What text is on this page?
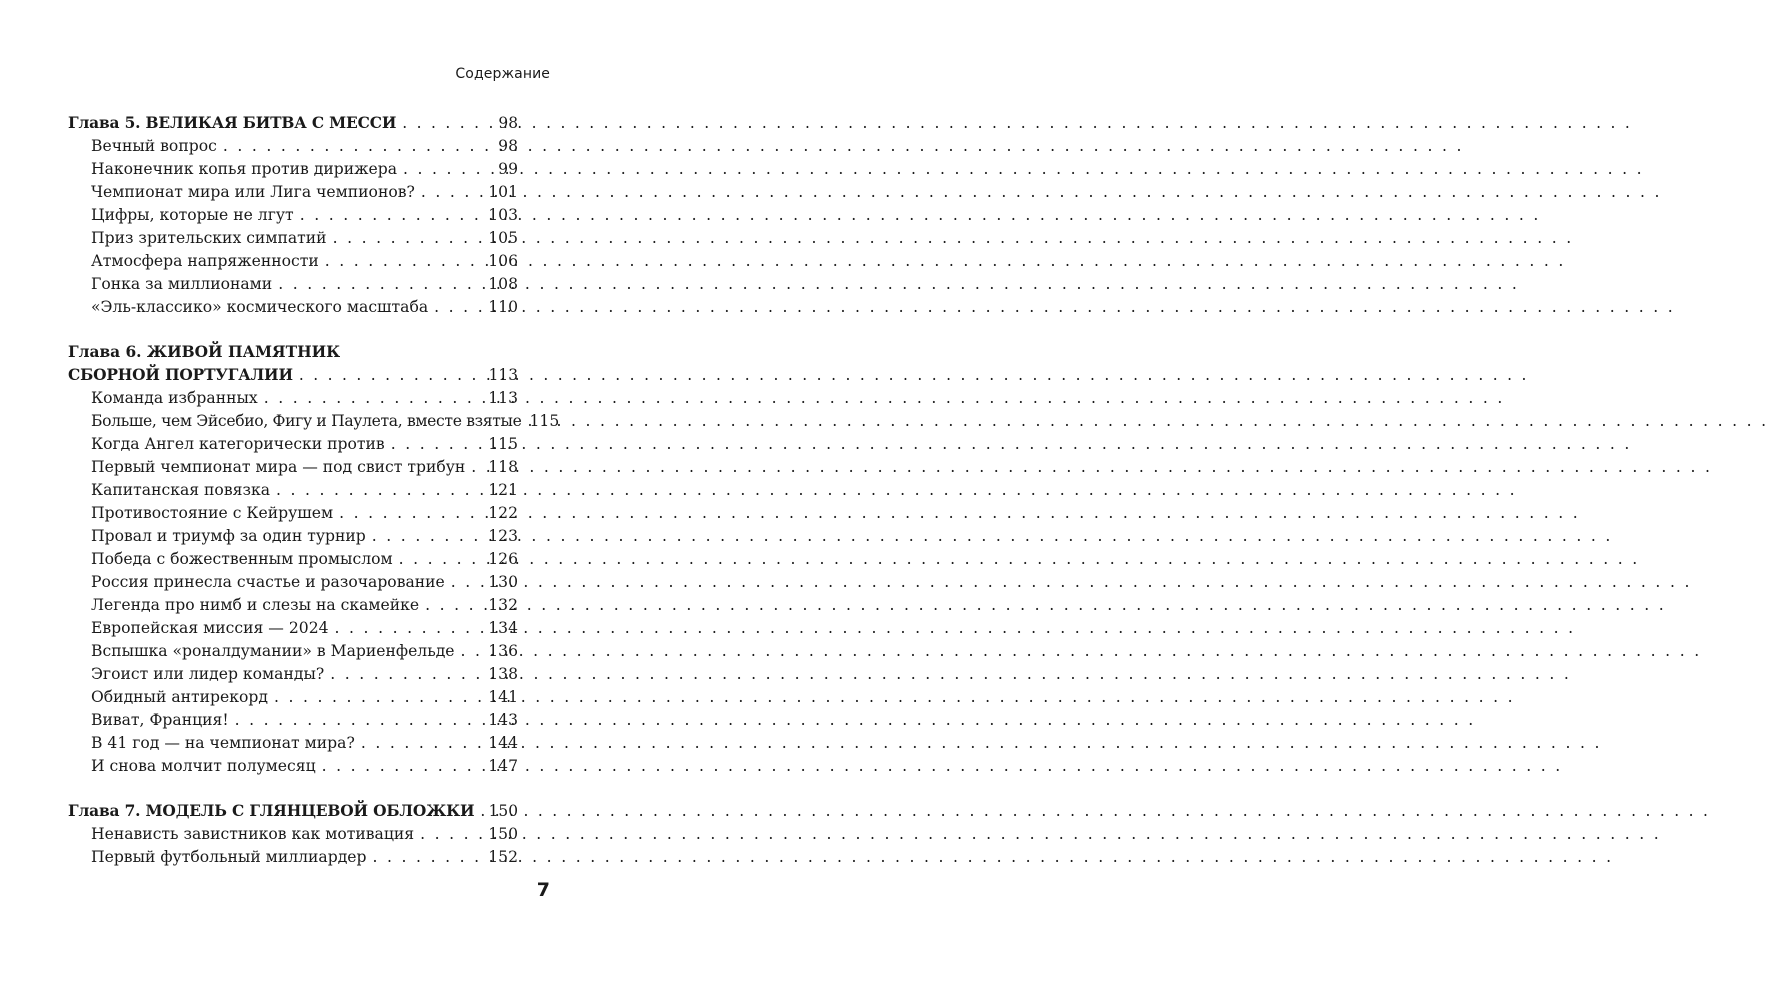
Содержание
Глава 5. ВЕЛИКАЯ БИТВА С МЕССИ . . .	98
Вечный вопрос . . .	98
Наконечник копья против дирижера . . .	99
Чемпионат мира или Лига чемпионов? . . .	101
Цифры, которые не лгут . . .	103
Приз зрительских симпатий . . .	105
Атмосфера напряженности . . .	106
Гонка за миллионами . . .	108
«Эль-классико» космического масштаба . . .	110
Глава 6. ЖИВОЙ ПАМЯТНИК
СБОРНОЙ ПОРТУГАЛИИ . . .	113
Команда избранных . . .	113
Больше, чем Эйсебио, Фигу и Паулета, вместе взятые 115
Когда Ангел категорически против . . .	115
Первый чемпионат мира — под свист трибун . . . 118
Капитанская повязка . . .	121
Противостояние с Кейрушем . . .	122
Провал и триумф за один турнир . . .	123
Победа с божественным промыслом . . .	126
Россия принесла счастье и разочарование . . .	130
Легенда про нимб и слезы на скамейке . . .	132
Европейская миссия — 2024 . . .	134
Вспышка «роналдумании» в Мариенфельде . . . 136
Эгоист или лидер команды? . . .	138
Обидный антирекорд . . .	141
Виват, Франция! . . .	143
В 41 год — на чемпионат мира? . . .	144
И снова молчит полумесяц . . .	147
Глава 7. МОДЕЛЬ С ГЛЯНЦЕВОЙ ОБЛОЖКИ . . . 150
Ненависть завистников как мотивация . . .	150
Первый футбольный миллиардер . . .	152
7
